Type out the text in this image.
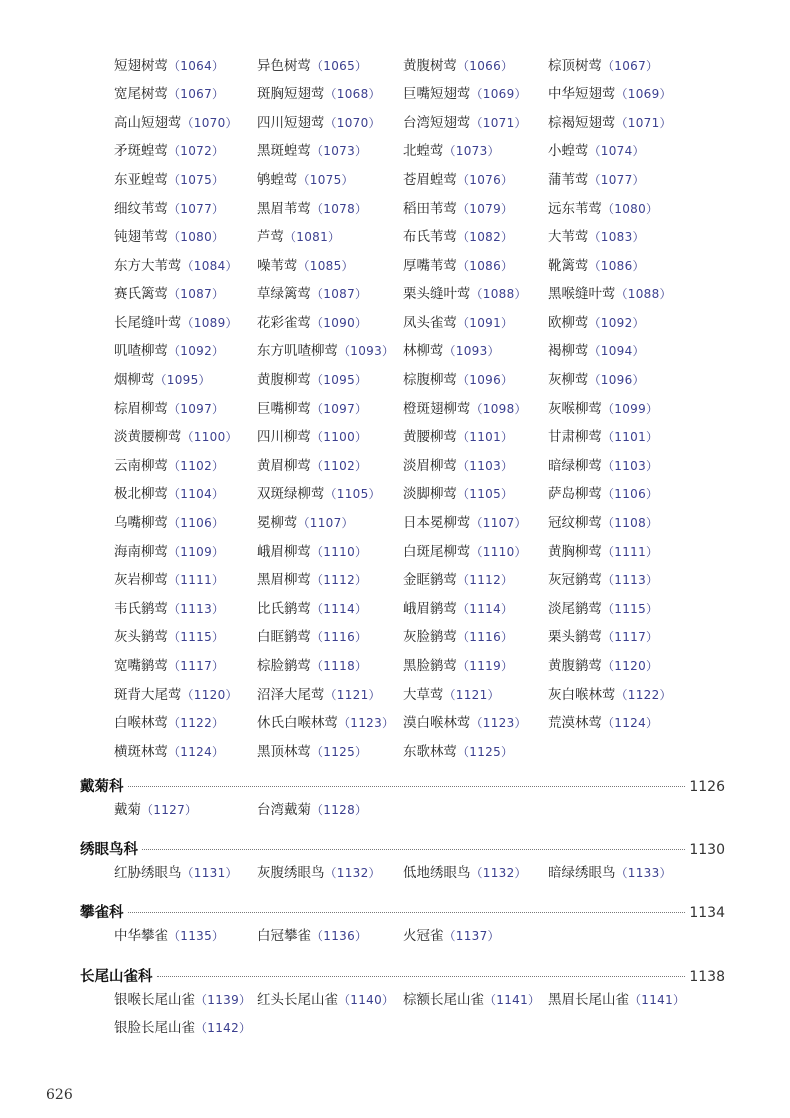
短翅树莺（1064）	异色树莺（1065）	黄腹树莺（1066）	棕顶树莺（1067）
宽尾树莺（1067）	斑胸短翅莺（1068）	巨嘴短翅莺（1069）	中华短翅莺（1069）
高山短翅莺（1070）	四川短翅莺（1070）	台湾短翅莺（1071）	棕褐短翅莺（1071）
矛斑蝗莺（1072）	黑斑蝗莺（1073）	北蝗莺（1073）	小蝗莺（1074）
东亚蝗莺（1075）	鸲蝗莺（1075）	苍眉蝗莺（1076）	蒲苇莺（1077）
细纹苇莺（1077）	黑眉苇莺（1078）	稻田苇莺（1079）	远东苇莺（1080）
钝翅苇莺（1080）	芦莺（1081）	布氏苇莺（1082）	大苇莺（1083）
东方大苇莺（1084）	噪苇莺（1085）	厚嘴苇莺（1086）	靴篱莺（1086）
赛氏篱莺（1087）	草绿篱莺（1087）	栗头缝叶莺（1088）	黑喉缝叶莺（1088）
长尾缝叶莺（1089）	花彩雀莺（1090）	凤头雀莺（1091）	欧柳莺（1092）
叽喳柳莺（1092）	东方叽喳柳莺（1093） 林柳莺（1093）	褐柳莺（1094）
烟柳莺（1095）	黄腹柳莺（1095）	棕腹柳莺（1096）	灰柳莺（1096）
棕眉柳莺（1097）	巨嘴柳莺（1097）	橙斑翅柳莺（1098）	灰喉柳莺（1099）
淡黄腰柳莺（1100）	四川柳莺（1100）	黄腰柳莺（1101）	甘肃柳莺（1101）
云南柳莺（1102）	黄眉柳莺（1102）	淡眉柳莺（1103）	暗绿柳莺（1103）
极北柳莺（1104）	双斑绿柳莺（1105）	淡脚柳莺（1105）	萨岛柳莺（1106）
乌嘴柳莺（1106）	冕柳莺（1107）	日本冕柳莺（1107）	冠纹柳莺（1108）
海南柳莺（1109）	峨眉柳莺（1110）	白斑尾柳莺（1110）	黄胸柳莺（1111）
灰岩柳莺（1111）	黑眉柳莺（1112）	金眶鹟莺（1112）	灰冠鹟莺（1113）
韦氏鹟莺（1113）	比氏鹟莺（1114）	峨眉鹟莺（1114）	淡尾鹟莺（1115）
灰头鹟莺（1115）	白眶鹟莺（1116）	灰脸鹟莺（1116）	栗头鹟莺（1117）
宽嘴鹟莺（1117）	棕脸鹟莺（1118）	黑脸鹟莺（1119）	黄腹鹟莺（1120）
斑背大尾莺（1120）	沼泽大尾莺（1121）	大草莺（1121）	灰白喉林莺（1122）
白喉林莺（1122）	休氏白喉林莺（1123） 漠白喉林莺（1123）	荒漠林莺（1124）
横斑林莺（1124）	黑顶林莺（1125）	东歌林莺（1125）
戴菊科	1126
戴菊（1127）	台湾戴菊（1128）
绣眼鸟科	1130
红胁绣眼鸟（1131）	灰腹绣眼鸟（1132）	低地绣眼鸟（1132）	暗绿绣眼鸟（1133）
攀雀科	1134
中华攀雀（1135）	白冠攀雀（1136）	火冠雀（1137）
长尾山雀科	1138
银喉长尾山雀（1139） 红头长尾山雀（1140） 棕额长尾山雀（1141） 黑眉长尾山雀（1141）
银脸长尾山雀（1142）
626
